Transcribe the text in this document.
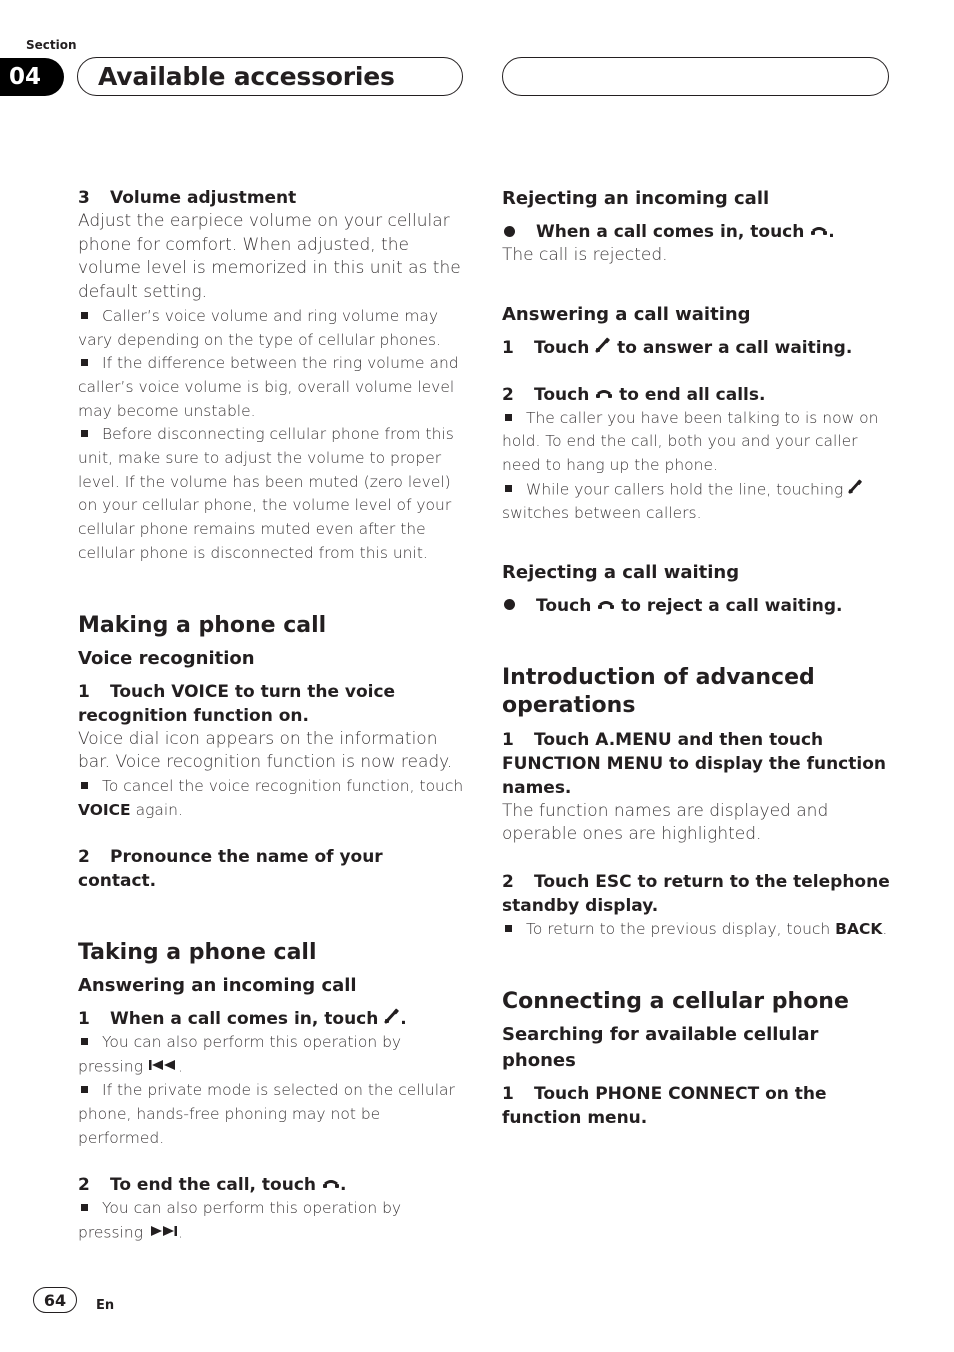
Section
04	Available accessories

3 Volume adjustment

Adjust the earpiece volume on your cellular phone for comfort. When adjusted, the volume level is memorized in this unit as the default setting.

Caller’s voice volume and ring volume may vary depending on the type of cellular phones.

If the difference between the ring volume and caller’s voice volume is big, overall volume level may become unstable.

Before disconnecting cellular phone from this unit, make sure to adjust the volume to proper level. If the volume has been muted (zero level) on your cellular phone, the volume level of your cellular phone remains muted even after the cellular phone is disconnected from this unit.

Making a phone call

Voice recognition

1 Touch VOICE to turn the voice recognition function on.

Voice dial icon appears on the information bar. Voice recognition function is now ready.

To cancel the voice recognition function, touch VOICE again.

2 Pronounce the name of your contact.

Taking a phone call

Answering an incoming call

1 When a call comes in, touch .

You can also perform this operation by pressing .

If the private mode is selected on the cellular phone, hands-free phoning may not be performed.

2 To end the call, touch .

You can also perform this operation by pressing .

Rejecting an incoming call

When a call comes in, touch .

The call is rejected.

Answering a call waiting

1 Touch to answer a call waiting.

2 Touch to end all calls.

The caller you have been talking to is now on hold. To end the call, both you and your caller need to hang up the phone.

While your callers hold the line, touching  switches between callers.

Rejecting a call waiting

Touch to reject a call waiting.

Introduction of advanced operations

1 Touch A.MENU and then touch FUNCTION MENU to display the function names.

The function names are displayed and operable ones are highlighted.

2 Touch ESC to return to the telephone standby display.

To return to the previous display, touch BACK.

Connecting a cellular phone

Searching for available cellular phones

1 Touch PHONE CONNECT on the function menu.

64	En
